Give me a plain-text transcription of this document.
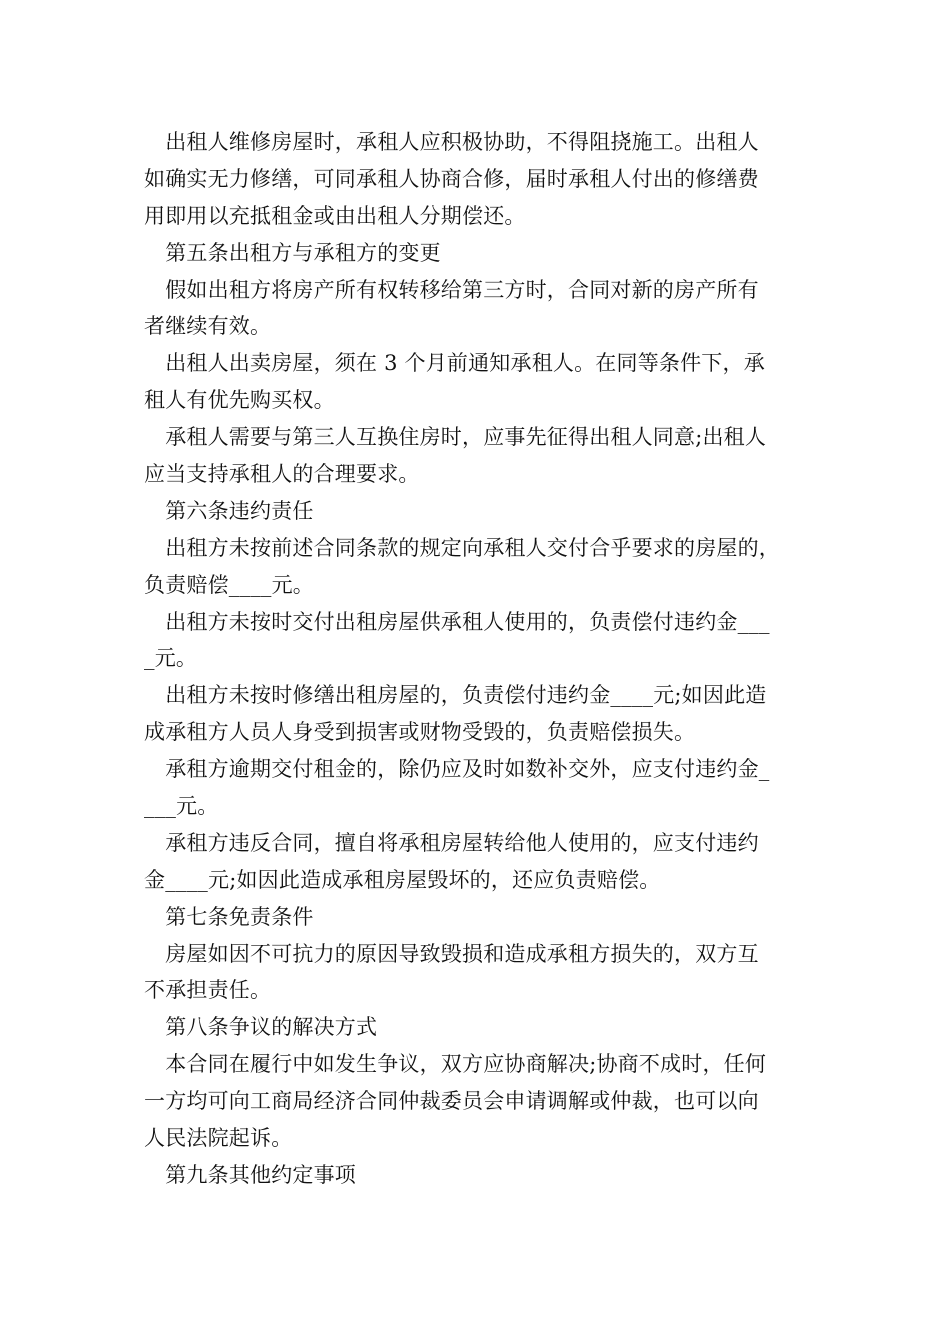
　出租人维修房屋时，承租人应积极协助，不得阻挠施工。出租人
如确实无力修缮，可同承租人协商合修，届时承租人付出的修缮费
用即用以充抵租金或由出租人分期偿还。
　第五条出租方与承租方的变更
　假如出租方将房产所有权转移给第三方时，合同对新的房产所有
者继续有效。
　出租人出卖房屋，须在 3 个月前通知承租人。在同等条件下，承
租人有优先购买权。
　承租人需要与第三人互换住房时，应事先征得出租人同意;出租人
应当支持承租人的合理要求。
　第六条违约责任
　出租方未按前述合同条款的规定向承租人交付合乎要求的房屋的，
负责赔偿____元。
　出租方未按时交付出租房屋供承租人使用的，负责偿付违约金___
_元。
　出租方未按时修缮出租房屋的，负责偿付违约金____元;如因此造
成承租方人员人身受到损害或财物受毁的，负责赔偿损失。
　承租方逾期交付租金的，除仍应及时如数补交外，应支付违约金_
___元。
　承租方违反合同，擅自将承租房屋转给他人使用的，应支付违约
金____元;如因此造成承租房屋毁坏的，还应负责赔偿。
　第七条免责条件
　房屋如因不可抗力的原因导致毁损和造成承租方损失的，双方互
不承担责任。
　第八条争议的解决方式
　本合同在履行中如发生争议，双方应协商解决;协商不成时，任何
一方均可向工商局经济合同仲裁委员会申请调解或仲裁，也可以向
人民法院起诉。
　第九条其他约定事项
